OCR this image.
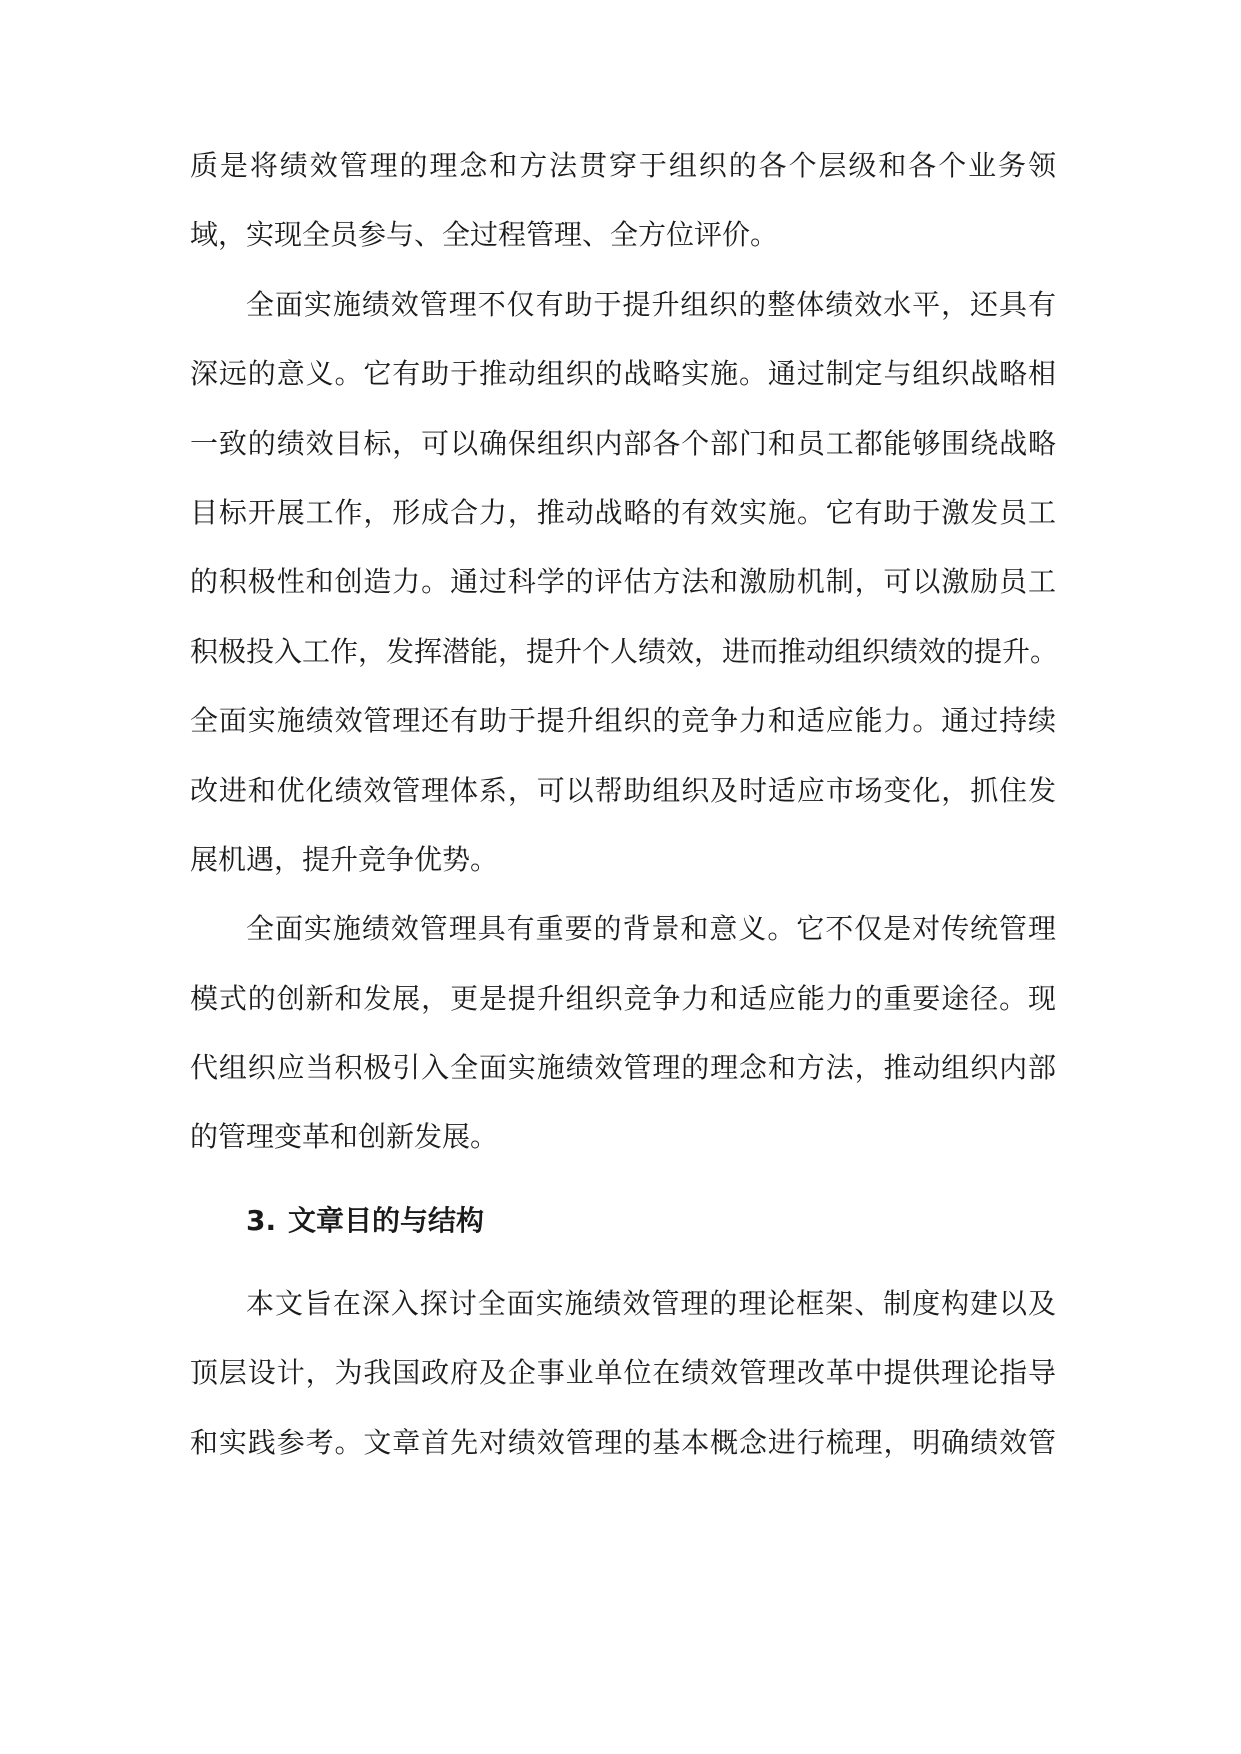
质是将绩效管理的理念和方法贯穿于组织的各个层级和各个业务领
域，实现全员参与、全过程管理、全方位评价。
全面实施绩效管理不仅有助于提升组织的整体绩效水平，还具有
深远的意义。它有助于推动组织的战略实施。通过制定与组织战略相
一致的绩效目标，可以确保组织内部各个部门和员工都能够围绕战略
目标开展工作，形成合力，推动战略的有效实施。它有助于激发员工
的积极性和创造力。通过科学的评估方法和激励机制，可以激励员工
积极投入工作，发挥潜能，提升个人绩效，进而推动组织绩效的提升。
全面实施绩效管理还有助于提升组织的竞争力和适应能力。通过持续
改进和优化绩效管理体系，可以帮助组织及时适应市场变化，抓住发
展机遇，提升竞争优势。
全面实施绩效管理具有重要的背景和意义。它不仅是对传统管理
模式的创新和发展，更是提升组织竞争力和适应能力的重要途径。现
代组织应当积极引入全面实施绩效管理的理念和方法，推动组织内部
的管理变革和创新发展。
3. 文章目的与结构
本文旨在深入探讨全面实施绩效管理的理论框架、制度构建以及
顶层设计，为我国政府及企事业单位在绩效管理改革中提供理论指导
和实践参考。文章首先对绩效管理的基本概念进行梳理，明确绩效管
